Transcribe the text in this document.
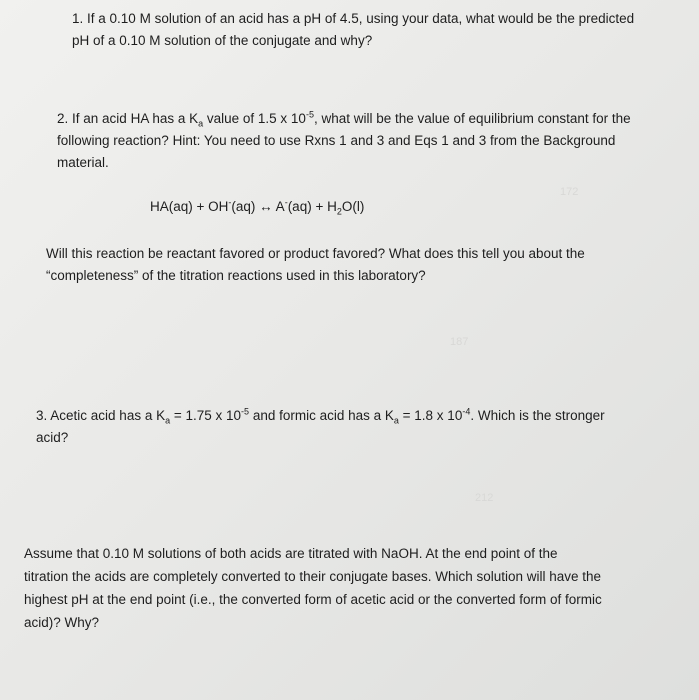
172
187
212
1. If a 0.10 M solution of an acid has a pH of 4.5, using your data, what would be the predicted
pH of a 0.10 M solution of the conjugate and why?
2. If an acid HA has a $K_a$ value of 1.5 x $10^{-5}$, what will be the value of equilibrium constant for the
following reaction? Hint: You need to use Rxns 1 and 3 and Eqs 1 and 3 from the Background
material.
HA(aq) + OH-(aq) ↔ $A^-(aq) + H_2O(l)$
Will this reaction be reactant favored or product favored? What does this tell you about the
“completeness” of the titration reactions used in this laboratory?
3. Acetic acid has a $K_a = 1.75$ x $10^{-5}$ and formic acid has a $K_a = 1.8$ x $10^{-4}$. Which is the stronger
acid?
Assume that 0.10 M solutions of both acids are titrated with NaOH. At the end point of the
titration the acids are completely converted to their conjugate bases. Which solution will have the
highest pH at the end point (i.e., the converted form of acetic acid or the converted form of formic
acid)? Why?
